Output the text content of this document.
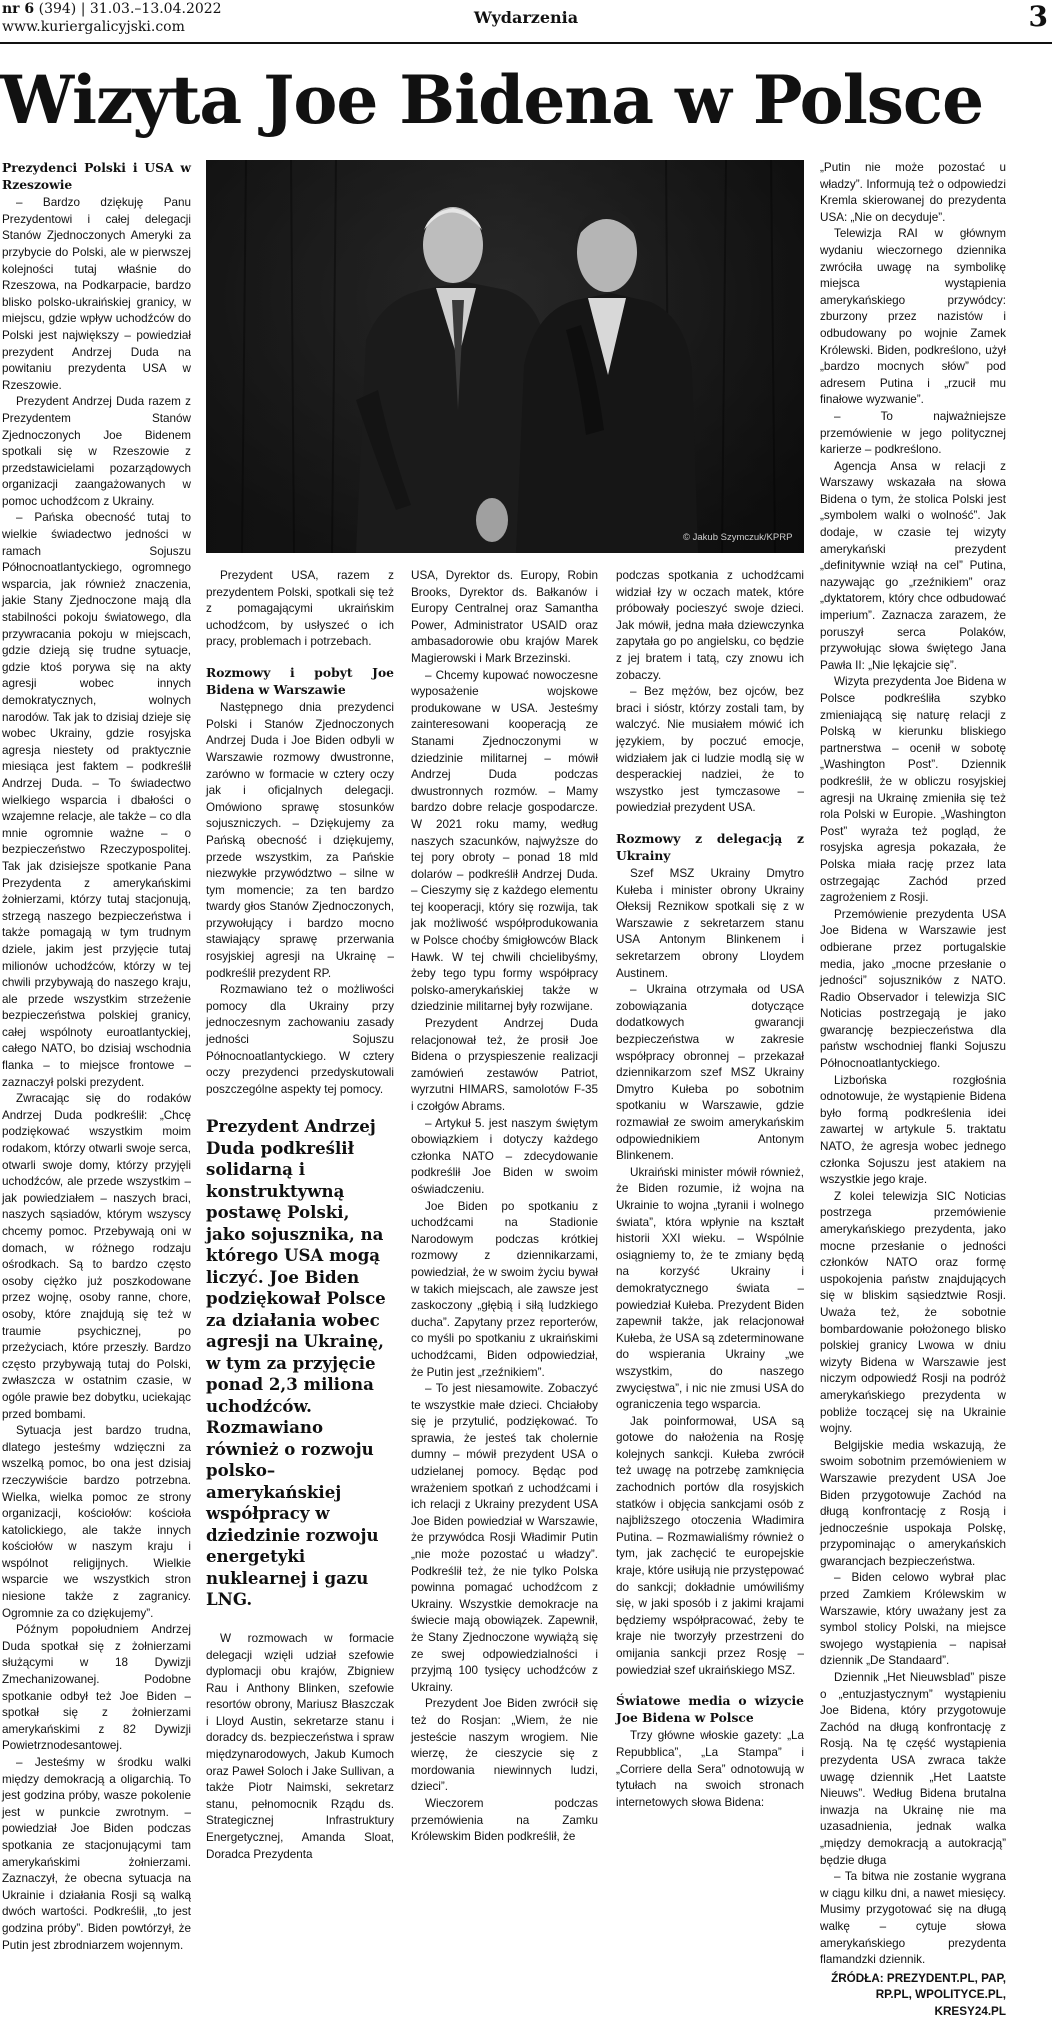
nr 6 (394) | 31.03.–13.04.2022
www.kuriergalicyjski.com	Wydarzenia	3
Wizyta Joe Bidena w Polsce
Prezydenci Polski i USA w Rzeszowie

– Bardzo dziękuję Panu Prezydentowi i całej delegacji Stanów Zjednoczonych Ameryki za przybycie do Polski, ale w pierwszej kolejności tutaj właśnie do Rzeszowa, na Podkarpacie, bardzo blisko polsko-ukraińskiej granicy, w miejscu, gdzie wpływ uchodźców do Polski jest największy – powiedział prezydent Andrzej Duda na powitaniu prezydenta USA w Rzeszowie.

Prezydent Andrzej Duda razem z Prezydentem Stanów Zjednoczonych Joe Bidenem spotkali się w Rzeszowie z przedstawicielami pozarządowych organizacji zaangażowanych w pomoc uchodźcom z Ukrainy.

– Pańska obecność tutaj to wielkie świadectwo jedności w ramach Sojuszu Północnoatlantyckiego, ogromnego wsparcia, jak również znaczenia, jakie Stany Zjednoczone mają dla stabilności pokoju światowego, dla przywracania pokoju w miejscach, gdzie dzieją się trudne sytuacje, gdzie ktoś porywa się na akty agresji wobec innych demokratycznych, wolnych narodów. Tak jak to dzisiaj dzieje się wobec Ukrainy, gdzie rosyjska agresja niestety od praktycznie miesiąca jest faktem – podkreślił Andrzej Duda. – To świadectwo wielkiego wsparcia i dbałości o wzajemne relacje, ale także – co dla mnie ogromnie ważne – o bezpieczeństwo Rzeczypospolitej. Tak jak dzisiejsze spotkanie Pana Prezydenta z amerykańskimi żołnierzami, którzy tutaj stacjonują, strzegą naszego bezpieczeństwa i także pomagają w tym trudnym dziele, jakim jest przyjęcie tutaj milionów uchodźców, którzy w tej chwili przybywają do naszego kraju, ale przede wszystkim strzeżenie bezpieczeństwa polskiej granicy, całej wspólnoty euroatlantyckiej, całego NATO, bo dzisiaj wschodnia flanka – to miejsce frontowe – zaznaczył polski prezydent.

Zwracając się do rodaków Andrzej Duda podkreślił: „Chcę podziękować wszystkim moim rodakom, którzy otwarli swoje serca, otwarli swoje domy, którzy przyjęli uchodźców, ale przede wszystkim – jak powiedziałem – naszych braci, naszych sąsiadów, którym wszyscy chcemy pomoc. Przebywają oni w domach, w różnego rodzaju ośrodkach. Są to bardzo często osoby ciężko już poszkodowane przez wojnę, osoby ranne, chore, osoby, które znajdują się też w traumie psychicznej, po przeżyciach, które przeszły. Bardzo często przybywają tutaj do Polski, zwłaszcza w ostatnim czasie, w ogóle prawie bez dobytku, uciekając przed bombami.

Sytuacja jest bardzo trudna, dlatego jesteśmy wdzięczni za wszelką pomoc, bo ona jest dzisiaj rzeczywiście bardzo potrzebna. Wielka, wielka pomoc ze strony organizacji, kościołów: kościoła katolickiego, ale także innych kościołów w naszym kraju i wspólnot religijnych. Wielkie wsparcie we wszystkich stron niesione także z zagranicy. Ogromnie za co dziękujemy”.

Późnym popołudniem Andrzej Duda spotkał się z żołnierzami służącymi w 18 Dywizji Zmechanizowanej. Podobne spotkanie odbył też Joe Biden – spotkał się z żołnierzami amerykańskimi z 82 Dywizji Powietrznodesantowej.

– Jesteśmy w środku walki między demokracją a oligarchią. To jest godzina próby, wasze pokolenie jest w punkcie zwrotnym. – powiedział Joe Biden podczas spotkania ze stacjonującymi tam amerykańskimi żołnierzami. Zaznaczył, że obecna sytuacja na Ukrainie i działania Rosji są walką dwóch wartości. Podkreślił, „to jest godzina próby”. Biden powtórzył, że Putin jest zbrodniarzem wojennym.

© Jakub Szymczuk/KPRP

Prezydent USA, razem z prezydentem Polski, spotkali się też z pomagającymi ukraińskim uchodźcom, by usłyszeć o ich pracy, problemach i potrzebach.

Rozmowy i pobyt Joe Bidena w Warszawie

Następnego dnia prezydenci Polski i Stanów Zjednoczonych Andrzej Duda i Joe Biden odbyli w Warszawie rozmowy dwustronne, zarówno w formacie w cztery oczy jak i oficjalnych delegacji. Omówiono sprawę stosunków sojuszniczych. – Dziękujemy za Pańską obecność i dziękujemy, przede wszystkim, za Pańskie niezwykłe przywództwo – silne w tym momencie; za ten bardzo twardy głos Stanów Zjednoczonych, przywołujący i bardzo mocno stawiający sprawę przerwania rosyjskiej agresji na Ukrainę – podkreślił prezydent RP.

Rozmawiano też o możliwości pomocy dla Ukrainy przy jednoczesnym zachowaniu zasady jedności Sojuszu Północnoatlantyckiego. W cztery oczy prezydenci przedyskutowali poszczególne aspekty tej pomocy.

Prezydent Andrzej Duda podkreślił solidarną i konstruktywną postawę Polski, jako sojusznika, na którego USA mogą liczyć. Joe Biden podziękował Polsce za działania wobec agresji na Ukrainę, w tym za przyjęcie ponad 2,3 miliona uchodźców. Rozmawiano również o rozwoju polsko–amerykańskiej współpracy w dziedzinie rozwoju energetyki nuklearnej i gazu LNG.

W rozmowach w formacie delegacji wzięli udział szefowie dyplomacji obu krajów, Zbigniew Rau i Anthony Blinken, szefowie resortów obrony, Mariusz Błaszczak i Lloyd Austin, sekretarze stanu i doradcy ds. bezpieczeństwa i spraw międzynarodowych, Jakub Kumoch oraz Paweł Soloch i Jake Sullivan, a także Piotr Naimski, sekretarz stanu, pełnomocnik Rządu ds. Strategicznej Infrastruktury Energetycznej, Amanda Sloat, Doradca Prezydenta

USA, Dyrektor ds. Europy, Robin Brooks, Dyrektor ds. Bałkanów i Europy Centralnej oraz Samantha Power, Administrator USAID oraz ambasadorowie obu krajów Marek Magierowski i Mark Brzezinski.

– Chcemy kupować nowoczesne wyposażenie wojskowe produkowane w USA. Jesteśmy zainteresowani kooperacją ze Stanami Zjednoczonymi w dziedzinie militarnej – mówił Andrzej Duda podczas dwustronnych rozmów. – Mamy bardzo dobre relacje gospodarcze. W 2021 roku mamy, według naszych szacunków, najwyższe do tej pory obroty – ponad 18 mld dolarów – podkreślił Andrzej Duda. – Cieszymy się z każdego elementu tej kooperacji, który się rozwija, tak jak możliwość współprodukowania w Polsce choćby śmigłowców Black Hawk. W tej chwili chcielibyśmy, żeby tego typu formy współpracy polsko-amerykańskiej także w dziedzinie militarnej były rozwijane.

Prezydent Andrzej Duda relacjonował też, że prosił Joe Bidena o przyspieszenie realizacji zamówień zestawów Patriot, wyrzutni HIMARS, samolotów F-35 i czołgów Abrams.

– Artykuł 5. jest naszym świętym obowiązkiem i dotyczy każdego członka NATO – zdecydowanie podkreślił Joe Biden w swoim oświadczeniu.

Joe Biden po spotkaniu z uchodźcami na Stadionie Narodowym podczas krótkiej rozmowy z dziennikarzami, powiedział, że w swoim życiu bywał w takich miejscach, ale zawsze jest zaskoczony „głębią i siłą ludzkiego ducha”. Zapytany przez reporterów, co myśli po spotkaniu z ukraińskimi uchodźcami, Biden odpowiedział, że Putin jest „rzeźnikiem”.

– To jest niesamowite. Zobaczyć te wszystkie małe dzieci. Chciałoby się je przytulić, podziękować. To sprawia, że jesteś tak cholernie dumny – mówił prezydent USA o udzielanej pomocy. Będąc pod wrażeniem spotkań z uchodźcami i ich relacji z Ukrainy prezydent USA Joe Biden powiedział w Warszawie, że przywódca Rosji Władimir Putin „nie może pozostać u władzy”. Podkreślił też, że nie tylko Polska powinna pomagać uchodźcom z Ukrainy. Wszystkie demokracje na świecie mają obowiązek. Zapewnił, że Stany Zjednoczone wywiążą się ze swej odpowiedzialności i przyjmą 100 tysięcy uchodźców z Ukrainy.

Prezydent Joe Biden zwrócił się też do Rosjan: „Wiem, że nie jesteście naszym wrogiem. Nie wierzę, że cieszycie się z mordowania niewinnych ludzi, dzieci”.

Wieczorem podczas przemówienia na Zamku Królewskim Biden podkreślił, że

podczas spotkania z uchodźcami widział łzy w oczach matek, które próbowały pocieszyć swoje dzieci. Jak mówił, jedna mała dziewczynka zapytała go po angielsku, co będzie z jej bratem i tatą, czy znowu ich zobaczy.

– Bez mężów, bez ojców, bez braci i sióstr, którzy zostali tam, by walczyć. Nie musiałem mówić ich językiem, by poczuć emocje, widziałem jak ci ludzie modlą się w desperackiej nadziei, że to wszystko jest tymczasowe – powiedział prezydent USA.

Rozmowy z delegacją z Ukrainy

Szef MSZ Ukrainy Dmytro Kułeba i minister obrony Ukrainy Ołeksij Reznikow spotkali się z w Warszawie z sekretarzem stanu USA Antonym Blinkenem i sekretarzem obrony Lloydem Austinem.

– Ukraina otrzymała od USA zobowiązania dotyczące dodatkowych gwarancji bezpieczeństwa w zakresie współpracy obronnej – przekazał dziennikarzom szef MSZ Ukrainy Dmytro Kułeba po sobotnim spotkaniu w Warszawie, gdzie rozmawiał ze swoim amerykańskim odpowiednikiem Antonym Blinkenem.

Ukraiński minister mówił również, że Biden rozumie, iż wojna na Ukrainie to wojna „tyranii i wolnego świata”, która wpłynie na kształt historii XXI wieku. – Wspólnie osiągniemy to, że te zmiany będą na korzyść Ukrainy i demokratycznego świata – powiedział Kułeba. Prezydent Biden zapewnił także, jak relacjonował Kułeba, że USA są zdeterminowane do wspierania Ukrainy „we wszystkim, do naszego zwycięstwa”, i nic nie zmusi USA do ograniczenia tego wsparcia.

Jak poinformował, USA są gotowe do nałożenia na Rosję kolejnych sankcji. Kułeba zwrócił też uwagę na potrzebę zamknięcia zachodnich portów dla rosyjskich statków i objęcia sankcjami osób z najbliższego otoczenia Władimira Putina. – Rozmawialiśmy również o tym, jak zachęcić te europejskie kraje, które usiłują nie przystępować do sankcji; dokładnie umówiliśmy się, w jaki sposób i z jakimi krajami będziemy współpracować, żeby te kraje nie tworzyły przestrzeni do omijania sankcji przez Rosję – powiedział szef ukraińskiego MSZ.

Światowe media o wizycie Joe Bidena w Polsce

Trzy główne włoskie gazety: „La Repubblica”, „La Stampa” i „Corriere della Sera” odnotowują w tytułach na swoich stronach internetowych słowa Bidena:

„Putin nie może pozostać u władzy”. Informują też o odpowiedzi Kremla skierowanej do prezydenta USA: „Nie on decyduje”.

Telewizja RAI w głównym wydaniu wieczornego dziennika zwróciła uwagę na symbolikę miejsca wystąpienia amerykańskiego przywódcy: zburzony przez nazistów i odbudowany po wojnie Zamek Królewski. Biden, podkreślono, użył „bardzo mocnych słów” pod adresem Putina i „rzucił mu finałowe wyzwanie”.

– To najważniejsze przemówienie w jego politycznej karierze – podkreślono.

Agencja Ansa w relacji z Warszawy wskazała na słowa Bidena o tym, że stolica Polski jest „symbolem walki o wolność”. Jak dodaje, w czasie tej wizyty amerykański prezydent „definitywnie wziął na cel” Putina, nazywając go „rzeźnikiem” oraz „dyktatorem, który chce odbudować imperium”. Zaznacza zarazem, że poruszył serca Polaków, przywołując słowa świętego Jana Pawła II: „Nie lękajcie się”.

Wizyta prezydenta Joe Bidena w Polsce podkreśliła szybko zmieniającą się naturę relacji z Polską w kierunku bliskiego partnerstwa – ocenił w sobotę „Washington Post”. Dziennik podkreślił, że w obliczu rosyjskiej agresji na Ukrainę zmieniła się też rola Polski w Europie. „Washington Post” wyraża też pogląd, że rosyjska agresja pokazała, że Polska miała rację przez lata ostrzegając Zachód przed zagrożeniem z Rosji.

Przemówienie prezydenta USA Joe Bidena w Warszawie jest odbierane przez portugalskie media, jako „mocne przesłanie o jedności” sojuszników z NATO. Radio Observador i telewizja SIC Noticias postrzegają je jako gwarancję bezpieczeństwa dla państw wschodniej flanki Sojuszu Północnoatlantyckiego.

Lizbońska rozgłośnia odnotowuje, że wystąpienie Bidena było formą podkreślenia idei zawartej w artykule 5. traktatu NATO, że agresja wobec jednego członka Sojuszu jest atakiem na wszystkie jego kraje.

Z kolei telewizja SIC Noticias postrzega przemówienie amerykańskiego prezydenta, jako mocne przesłanie o jedności członków NATO oraz formę uspokojenia państw znajdujących się w bliskim sąsiedztwie Rosji. Uważa też, że sobotnie bombardowanie położonego blisko polskiej granicy Lwowa w dniu wizyty Bidena w Warszawie jest niczym odpowiedź Rosji na podróż amerykańskiego prezydenta w pobliże toczącej się na Ukrainie wojny.

Belgijskie media wskazują, że swoim sobotnim przemówieniem w Warszawie prezydent USA Joe Biden przygotowuje Zachód na długą konfrontację z Rosją i jednocześnie uspokaja Polskę, przypominając o amerykańskich gwarancjach bezpieczeństwa.

– Biden celowo wybrał plac przed Zamkiem Królewskim w Warszawie, który uważany jest za symbol stolicy Polski, na miejsce swojego wystąpienia – napisał dziennik „De Standaard”.

Dziennik „Het Nieuwsblad” pisze o „entuzjastycznym” wystąpieniu Joe Bidena, który przygotowuje Zachód na długą konfrontację z Rosją. Na tę część wystąpienia prezydenta USA zwraca także uwagę dziennik „Het Laatste Nieuws”. Według Bidena brutalna inwazja na Ukrainę nie ma uzasadnienia, jednak walka „między demokracją a autokracją” będzie długa

– Ta bitwa nie zostanie wygrana w ciągu kilku dni, a nawet miesięcy. Musimy przygotować się na długą walkę – cytuje słowa amerykańskiego prezydenta flamandzki dziennik.

ŹRÓDŁA: PREZYDENT.PL, PAP, RP.PL, WPOLITYCE.PL, KRESY24.PL
